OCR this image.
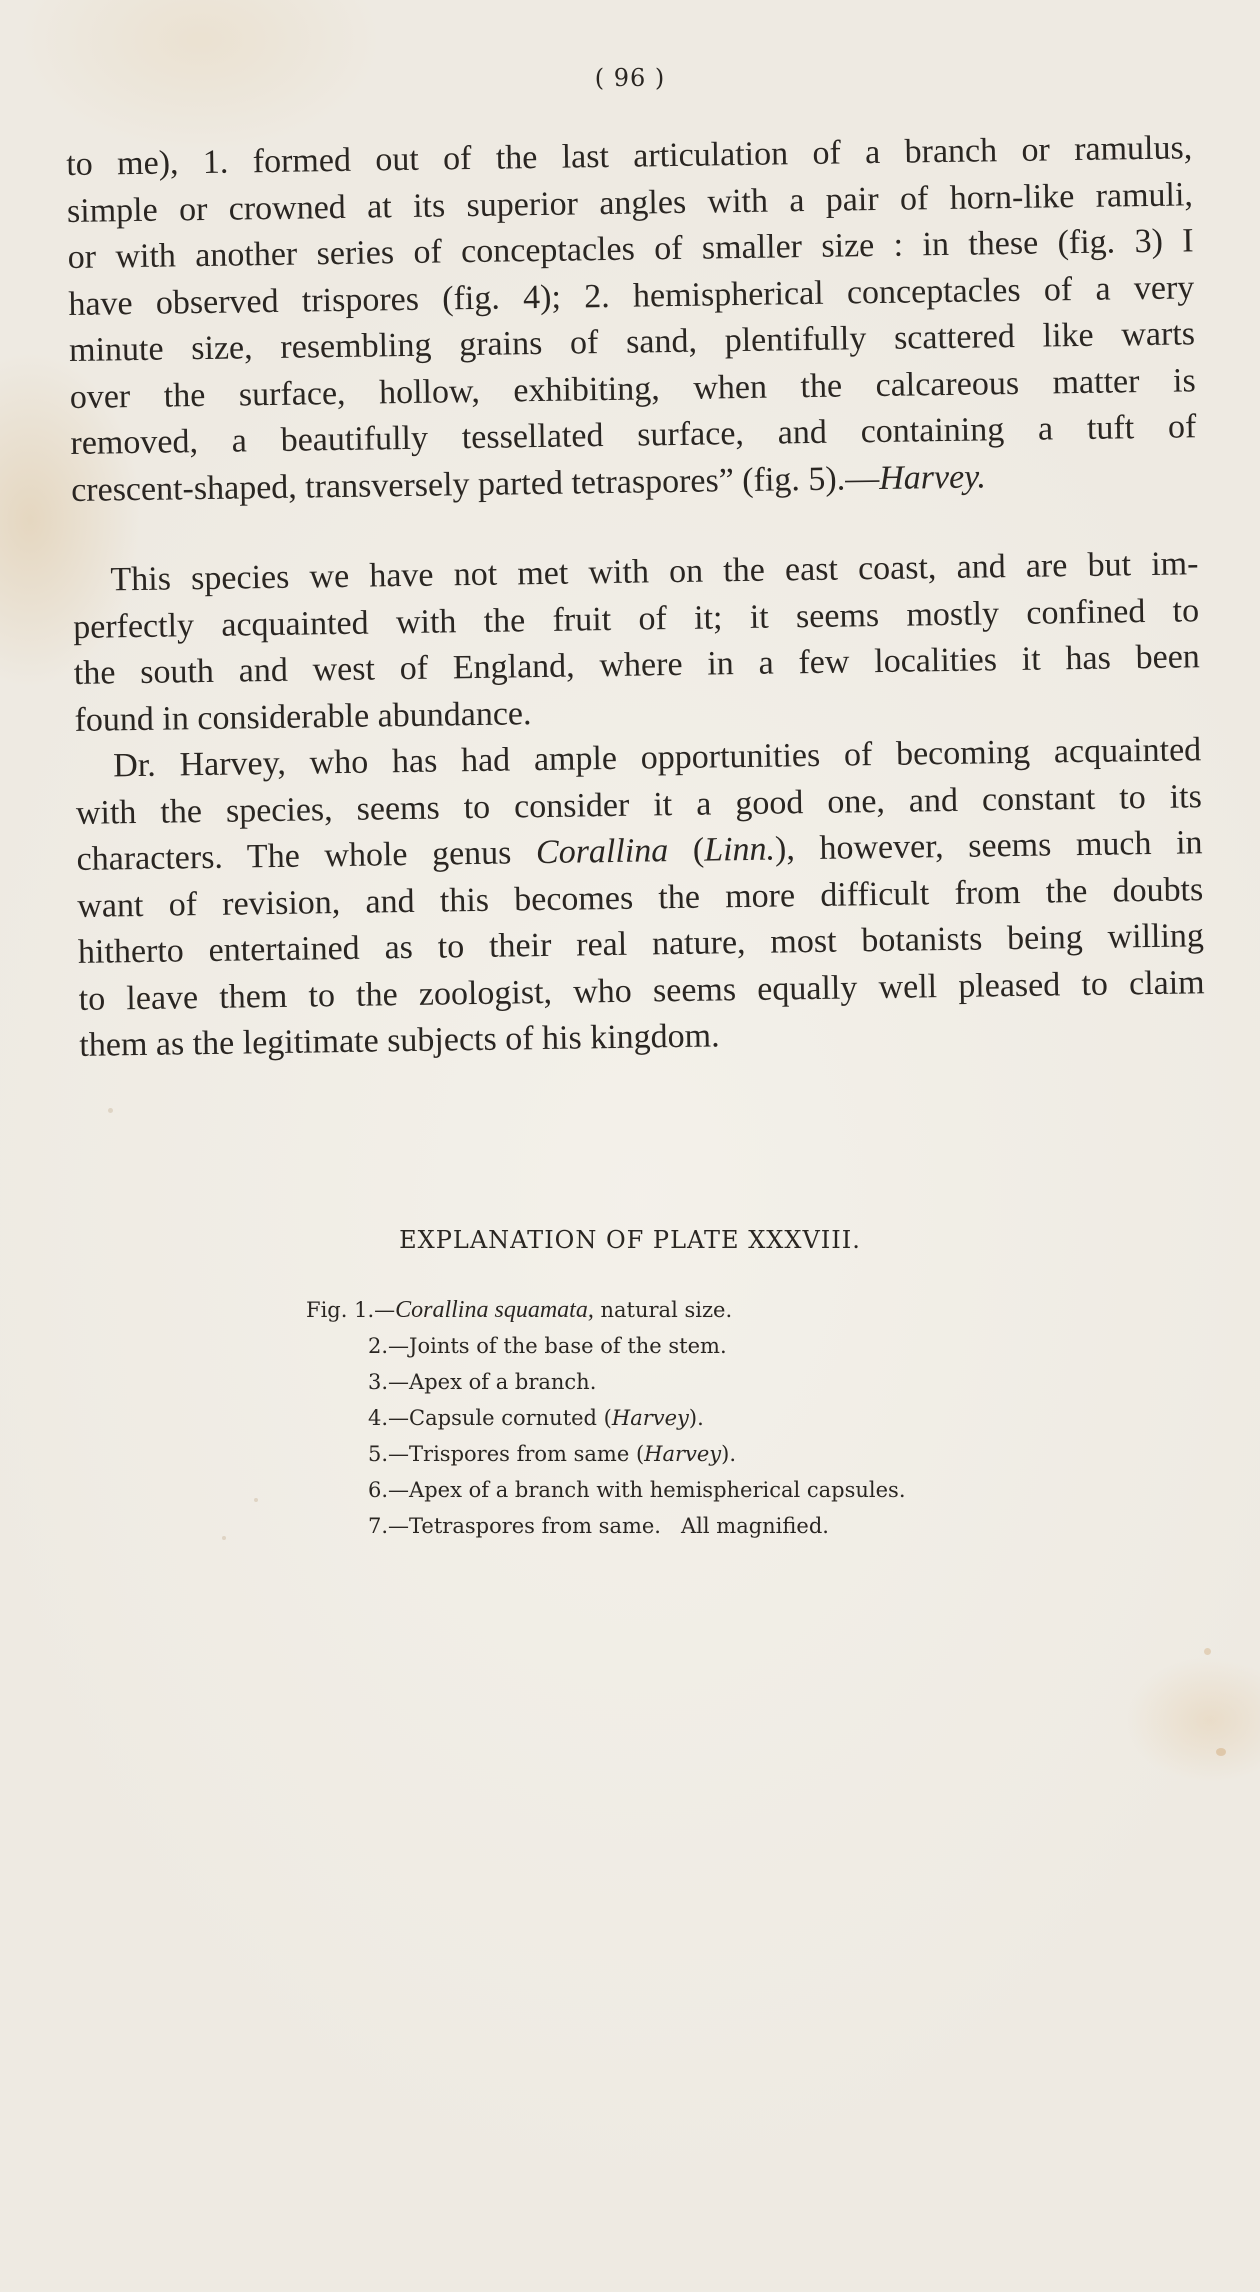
( 96 )

to me), 1. formed out of the last articulation of a branch or ramulus,
simple or crowned at its superior angles with a pair of horn-like ramuli,
or with another series of conceptacles of smaller size : in these (fig. 3) I
have observed trispores (fig. 4); 2. hemispherical conceptacles of a very
minute size, resembling grains of sand, plentifully scattered like warts
over the surface, hollow, exhibiting, when the calcareous matter is
removed, a beautifully tessellated surface, and containing a tuft of
crescent-shaped, transversely parted tetraspores” (fig. 5).—Harvey.

This species we have not met with on the east coast, and are but im-
perfectly acquainted with the fruit of it; it seems mostly confined to
the south and west of England, where in a few localities it has been
found in considerable abundance.

Dr. Harvey, who has had ample opportunities of becoming acquainted
with the species, seems to consider it a good one, and constant to its
characters. The whole genus Corallina (Linn.), however, seems much in
want of revision, and this becomes the more difficult from the doubts
hitherto entertained as to their real nature, most botanists being willing
to leave them to the zoologist, who seems equally well pleased to claim
them as the legitimate subjects of his kingdom.

EXPLANATION OF PLATE XXXVIII.
Fig. 1.—Corallina squamata, natural size.
2.—Joints of the base of the stem.
3.—Apex of a branch.
4.—Capsule cornuted (Harvey).
5.—Trispores from same (Harvey).
6.—Apex of a branch with hemispherical capsules.
7.—Tetraspores from same.   All magnified.
